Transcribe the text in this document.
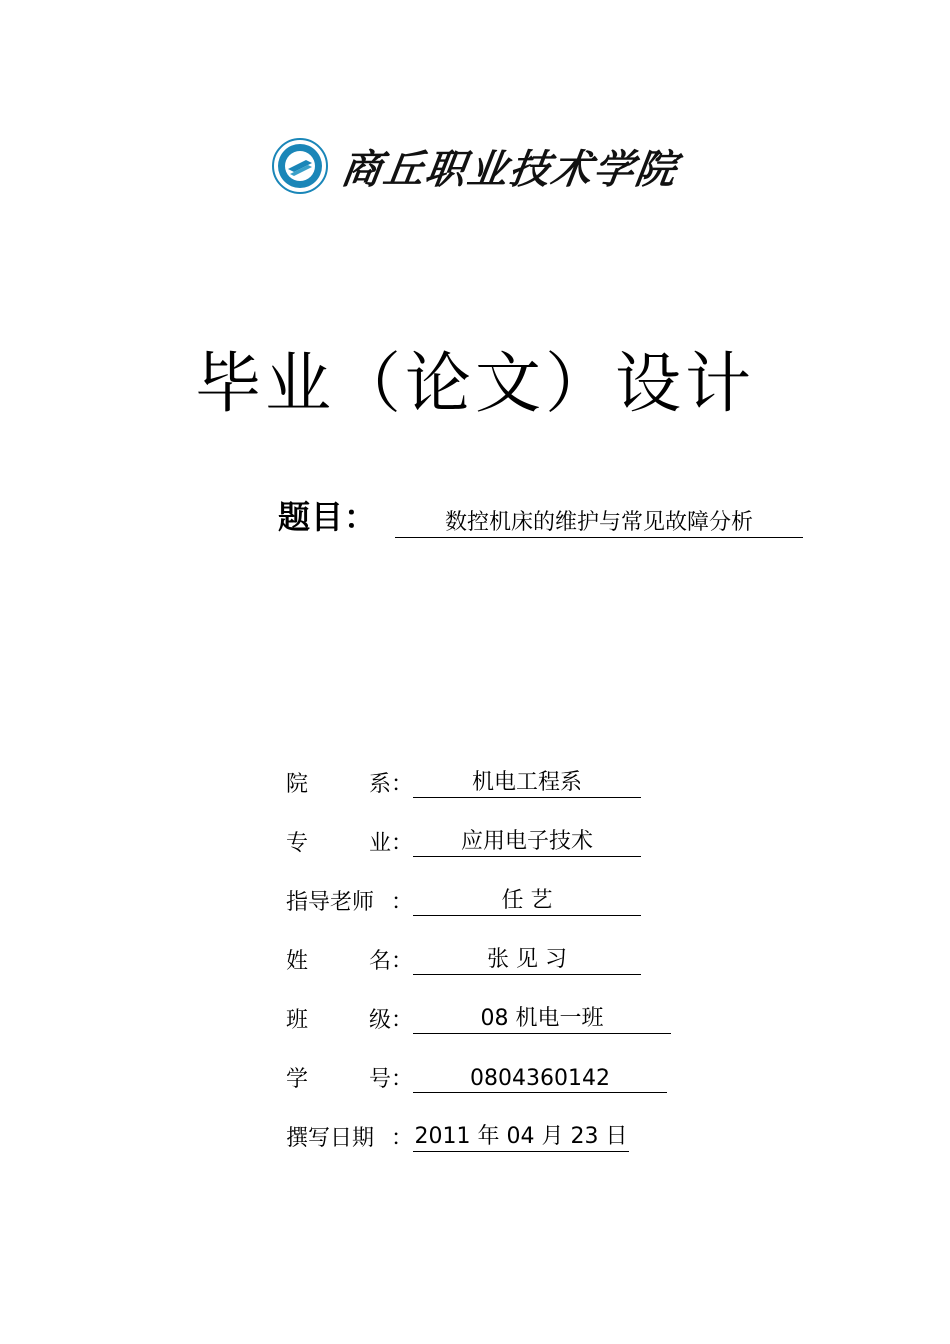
商丘职业技术学院
毕业（论文）设计
题目：	数控机床的维护与常见故障分析
院	系：	机电工程系
专	业：	应用电子技术
指导老师 ：	任 艺
姓	名：	张 见 习
班	级：	08 机电一班
学	号：	0804360142
撰写日期 ： 2011 年 04 月 23 日
